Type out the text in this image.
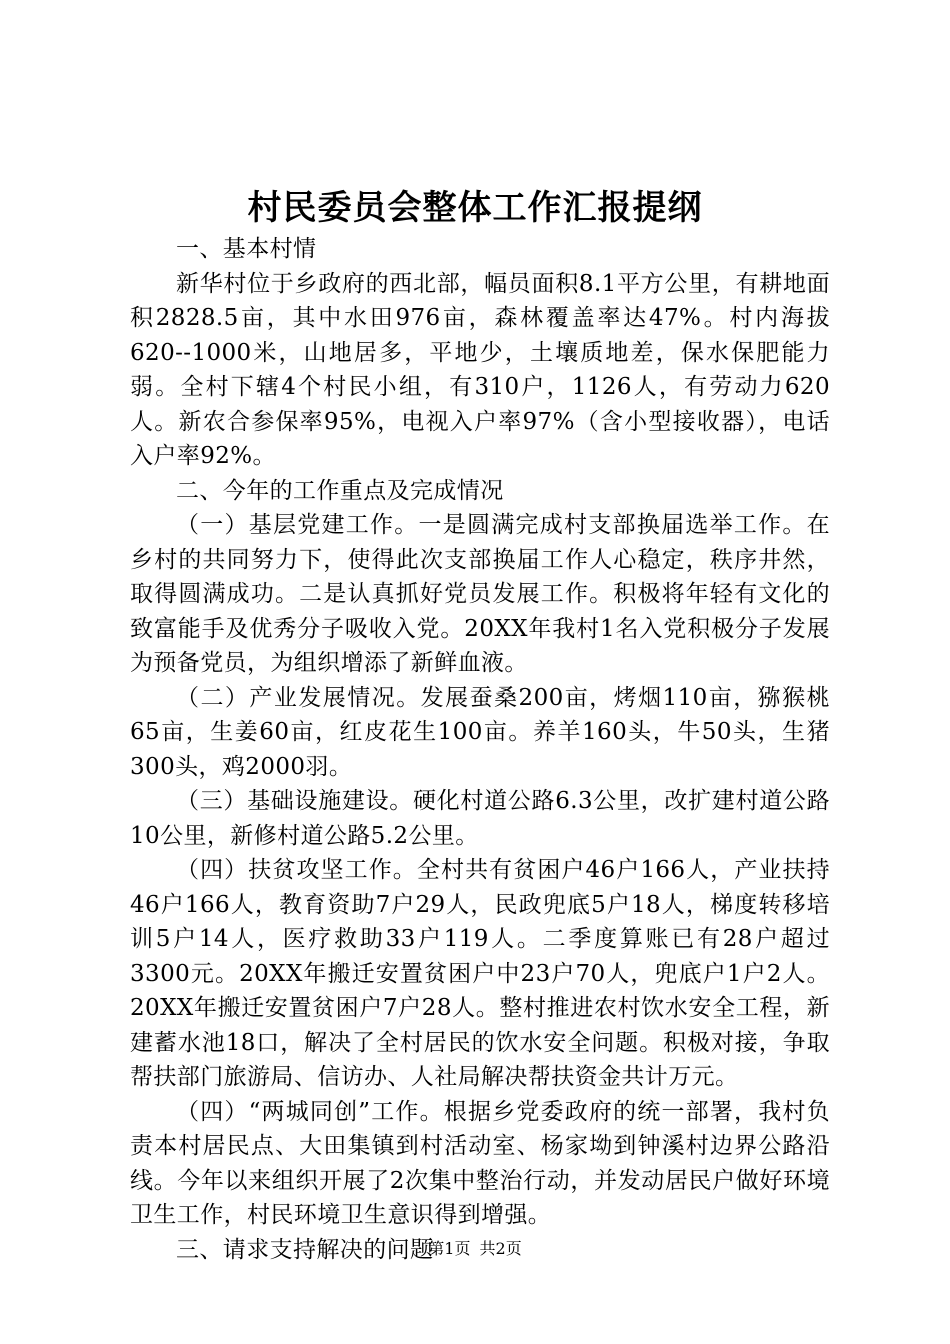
村民委员会整体工作汇报提纲

一、基本村情

新华村位于乡政府的西北部，幅员面积8.1平方公里，有耕地面积2828.5亩，其中水田976亩，森林覆盖率达47%。村内海拔620--1000米，山地居多，平地少，土壤质地差，保水保肥能力弱。全村下辖4个村民小组，有310户，1126人，有劳动力620人。新农合参保率95%，电视入户率97%（含小型接收器），电话入户率92%。

二、今年的工作重点及完成情况

（一）基层党建工作。一是圆满完成村支部换届选举工作。在乡村的共同努力下，使得此次支部换届工作人心稳定，秩序井然，取得圆满成功。二是认真抓好党员发展工作。积极将年轻有文化的致富能手及优秀分子吸收入党。20XX年我村1名入党积极分子发展为预备党员，为组织增添了新鲜血液。

（二）产业发展情况。发展蚕桑200亩，烤烟110亩，猕猴桃65亩，生姜60亩，红皮花生100亩。养羊160头，牛50头，生猪300头，鸡2000羽。

（三）基础设施建设。硬化村道公路6.3公里，改扩建村道公路10公里，新修村道公路5.2公里。

（四）扶贫攻坚工作。全村共有贫困户46户166人，产业扶持46户166人，教育资助7户29人，民政兜底5户18人，梯度转移培训5户14人，医疗救助33户119人。二季度算账已有28户超过3300元。20XX年搬迁安置贫困户中23户70人，兜底户1户2人。20XX年搬迁安置贫困户7户28人。整村推进农村饮水安全工程，新建蓄水池18口，解决了全村居民的饮水安全问题。积极对接，争取帮扶部门旅游局、信访办、人社局解决帮扶资金共计万元。

（四）“两城同创”工作。根据乡党委政府的统一部署，我村负责本村居民点、大田集镇到村活动室、杨家坳到钟溪村边界公路沿线。今年以来组织开展了2次集中整治行动，并发动居民户做好环境卫生工作，村民环境卫生意识得到增强。

三、请求支持解决的问题

第1页 共2页
